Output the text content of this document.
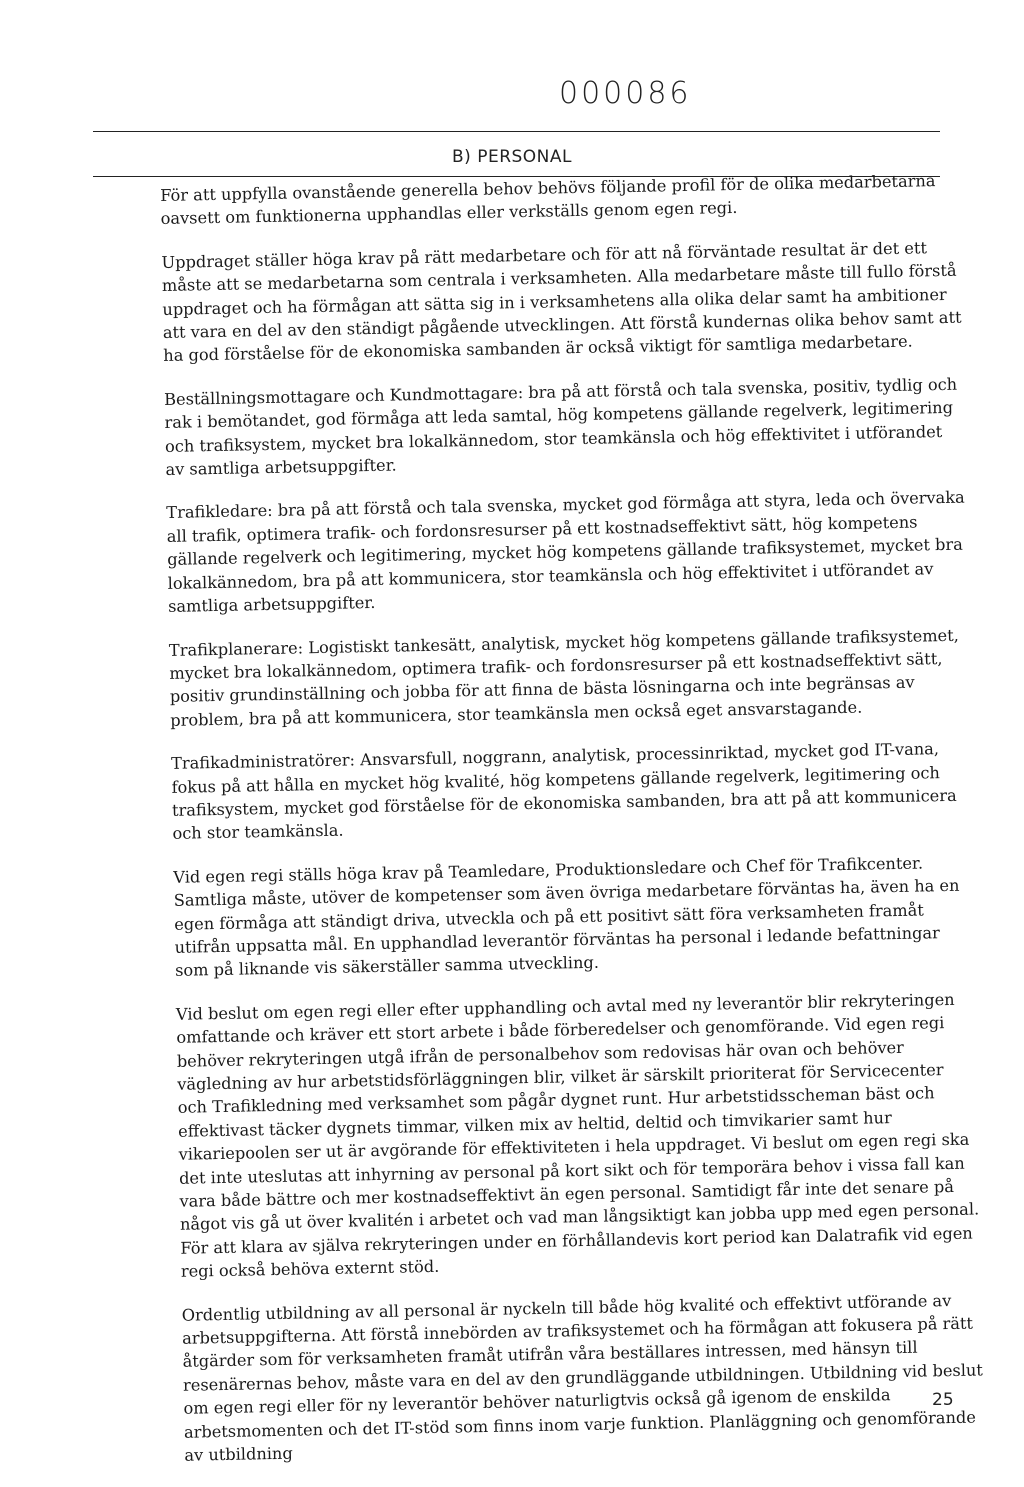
000086
B) PERSONAL

För att uppfylla ovanstående generella behov behövs följande profil för de olika medarbetarna oavsett om funktionerna upphandlas eller verkställs genom egen regi.

Uppdraget ställer höga krav på rätt medarbetare och för att nå förväntade resultat är det ett måste att se medarbetarna som centrala i verksamheten. Alla medarbetare måste till fullo förstå uppdraget och ha förmågan att sätta sig in i verksamhetens alla olika delar samt ha ambitioner att vara en del av den ständigt pågående utvecklingen. Att förstå kundernas olika behov samt att ha god förståelse för de ekonomiska sambanden är också viktigt för samtliga medarbetare.

Beställningsmottagare och Kundmottagare: bra på att förstå och tala svenska, positiv, tydlig och rak i bemötandet, god förmåga att leda samtal, hög kompetens gällande regelverk, legitimering och trafiksystem, mycket bra lokalkännedom, stor teamkänsla och hög effektivitet i utförandet av samtliga arbetsuppgifter.

Trafikledare: bra på att förstå och tala svenska, mycket god förmåga att styra, leda och övervaka all trafik, optimera trafik- och fordonsresurser på ett kostnadseffektivt sätt, hög kompetens gällande regelverk och legitimering, mycket hög kompetens gällande trafiksystemet, mycket bra lokalkännedom, bra på att kommunicera, stor teamkänsla och hög effektivitet i utförandet av samtliga arbetsuppgifter.

Trafikplanerare: Logistiskt tankesätt, analytisk, mycket hög kompetens gällande trafiksystemet, mycket bra lokalkännedom, optimera trafik- och fordonsresurser på ett kostnadseffektivt sätt, positiv grundinställning och jobba för att finna de bästa lösningarna och inte begränsas av problem, bra på att kommunicera, stor teamkänsla men också eget ansvarstagande.

Trafikadministratörer: Ansvarsfull, noggrann, analytisk, processinriktad, mycket god IT-vana, fokus på att hålla en mycket hög kvalité, hög kompetens gällande regelverk, legitimering och trafiksystem, mycket god förståelse för de ekonomiska sambanden, bra att på att kommunicera och stor teamkänsla.

Vid egen regi ställs höga krav på Teamledare, Produktionsledare och Chef för Trafikcenter. Samtliga måste, utöver de kompetenser som även övriga medarbetare förväntas ha, även ha en egen förmåga att ständigt driva, utveckla och på ett positivt sätt föra verksamheten framåt utifrån uppsatta mål. En upphandlad leverantör förväntas ha personal i ledande befattningar som på liknande vis säkerställer samma utveckling.

Vid beslut om egen regi eller efter upphandling och avtal med ny leverantör blir rekryteringen omfattande och kräver ett stort arbete i både förberedelser och genomförande. Vid egen regi behöver rekryteringen utgå ifrån de personalbehov som redovisas här ovan och behöver vägledning av hur arbetstidsförläggningen blir, vilket är särskilt prioriterat för Servicecenter och Trafikledning med verksamhet som pågår dygnet runt. Hur arbetstidsscheman bäst och effektivast täcker dygnets timmar, vilken mix av heltid, deltid och timvikarier samt hur vikariepoolen ser ut är avgörande för effektiviteten i hela uppdraget. Vi beslut om egen regi ska det inte uteslutas att inhyrning av personal på kort sikt och för temporära behov i vissa fall kan vara både bättre och mer kostnadseffektivt än egen personal. Samtidigt får inte det senare på något vis gå ut över kvalitén i arbetet och vad man långsiktigt kan jobba upp med egen personal. För att klara av själva rekryteringen under en förhållandevis kort period kan Dalatrafik vid egen regi också behöva externt stöd.

Ordentlig utbildning av all personal är nyckeln till både hög kvalité och effektivt utförande av arbetsuppgifterna. Att förstå innebörden av trafiksystemet och ha förmågan att fokusera på rätt åtgärder som för verksamheten framåt utifrån våra beställares intressen, med hänsyn till resenärernas behov, måste vara en del av den grundläggande utbildningen. Utbildning vid beslut om egen regi eller för ny leverantör behöver naturligtvis också gå igenom de enskilda arbetsmomenten och det IT-stöd som finns inom varje funktion. Planläggning och genomförande av utbildning

25
